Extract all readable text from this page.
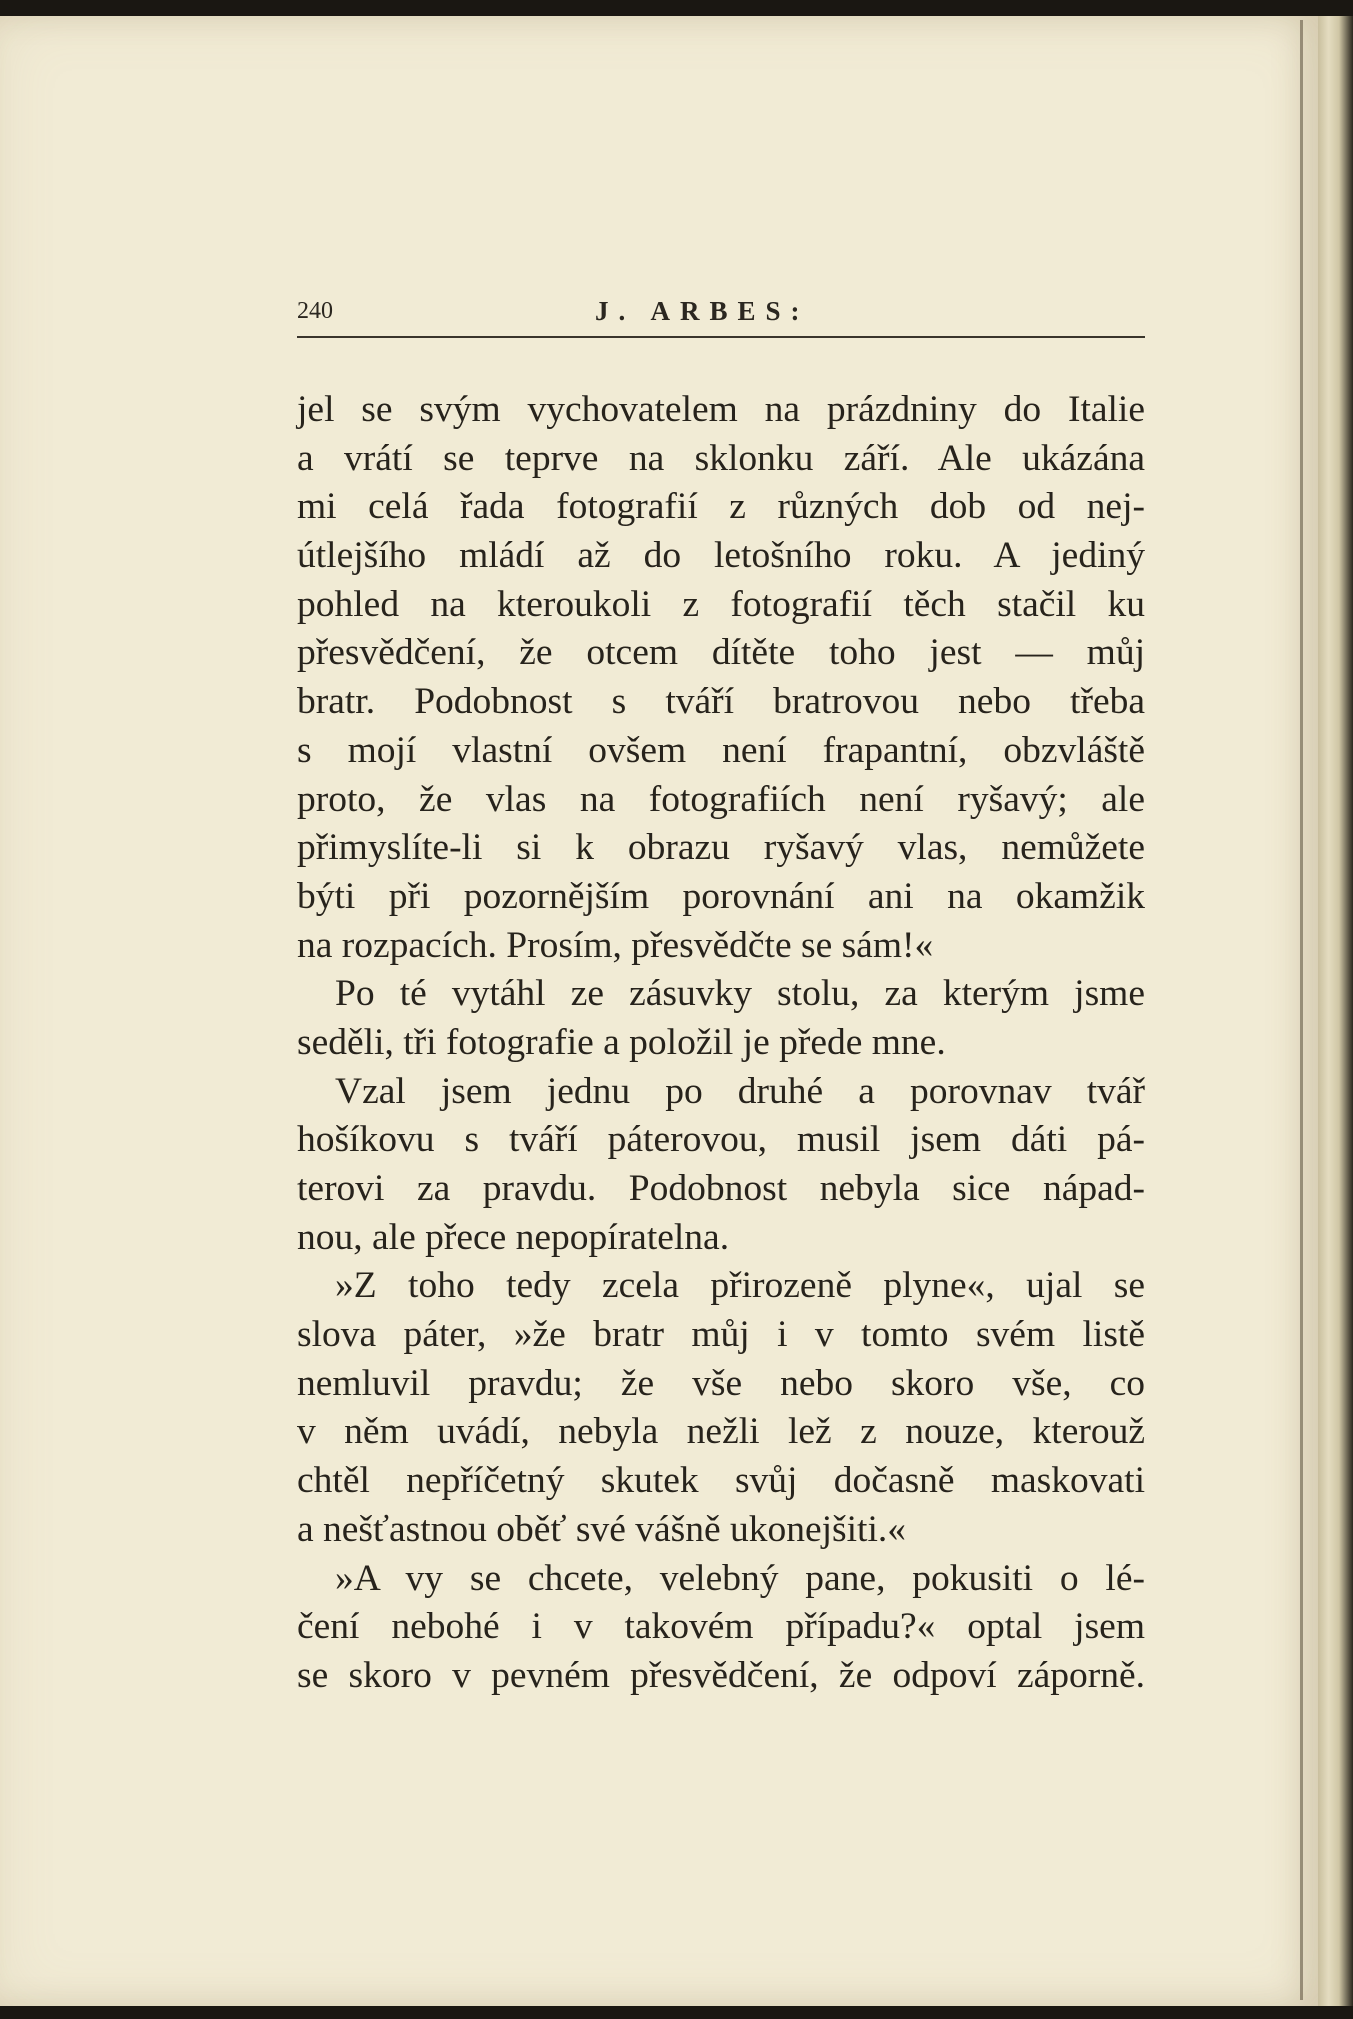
240	J. ARBES:
jel se svým vychovatelem na prázdniny do Italie
a vrátí se teprve na sklonku září. Ale ukázána
mi celá řada fotografií z různých dob od nej-
útlejšího mládí až do letošního roku. A jediný
pohled na kteroukoli z fotografií těch stačil ku
přesvědčení, že otcem dítěte toho jest — můj
bratr. Podobnost s tváří bratrovou nebo třeba
s mojí vlastní ovšem není frapantní, obzvláště
proto, že vlas na fotografiích není ryšavý; ale
přimyslíte-li si k obrazu ryšavý vlas, nemůžete
býti při pozornějším porovnání ani na okamžik
na rozpacích. Prosím, přesvědčte se sám!«
Po té vytáhl ze zásuvky stolu, za kterým jsme
seděli, tři fotografie a položil je přede mne.
Vzal jsem jednu po druhé a porovnav tvář
hošíkovu s tváří páterovou, musil jsem dáti pá-
terovi za pravdu. Podobnost nebyla sice nápad-
nou, ale přece nepopíratelna.
»Z toho tedy zcela přirozeně plyne«, ujal se
slova páter, »že bratr můj i v tomto svém listě
nemluvil pravdu; že vše nebo skoro vše, co
v něm uvádí, nebyla nežli lež z nouze, kterouž
chtěl nepříčetný skutek svůj dočasně maskovati
a nešťastnou oběť své vášně ukonejšiti.«
»A vy se chcete, velebný pane, pokusiti o lé-
čení nebohé i v takovém případu?« optal jsem
se skoro v pevném přesvědčení, že odpoví záporně.
